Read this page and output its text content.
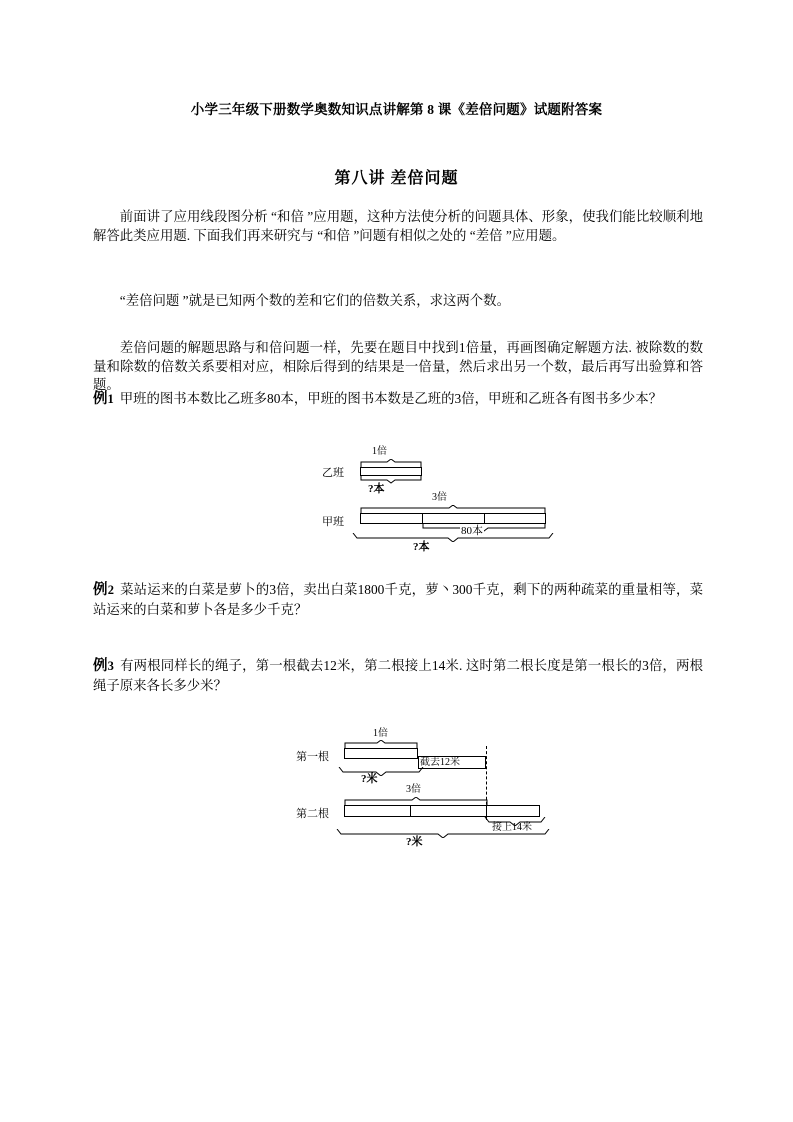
小学三年级下册数学奥数知识点讲解第 8 课《差倍问题》试题附答案
第八讲 差倍问题
前面讲了应用线段图分析 “和倍 ”应用题，这种方法使分析的问题具体、形象，使我们能比较顺利地解答此类应用题. 下面我们再来研究与 “和倍 ”问题有相似之处的 “差倍 ”应用题。
“差倍问题 ”就是已知两个数的差和它们的倍数关系，求这两个数。
差倍问题的解题思路与和倍问题一样，先要在题目中找到1倍量，再画图确定解题方法. 被除数的数量和除数的倍数关系要相对应，相除后得到的结果是一倍量，然后求出另一个数，最后再写出验算和答题。
例1 甲班的图书本数比乙班多80本，甲班的图书本数是乙班的3倍，甲班和乙班各有图书多少本？
乙班
1倍
?本
甲班
3倍
80本
?本
例2 菜站运来的白菜是萝卜的3倍，卖出白菜1800千克，萝丶300千克，剩下的两种疏菜的重量相等，菜站运来的白菜和萝卜各是多少千克？
例3 有两根同样长的绳子，第一根截去12米，第二根接上14米. 这时第二根长度是第一根长的3倍，两根绳子原来各长多少米？
第一根
1倍
截去12米
?米
第二根
3倍
接上14米
?米
